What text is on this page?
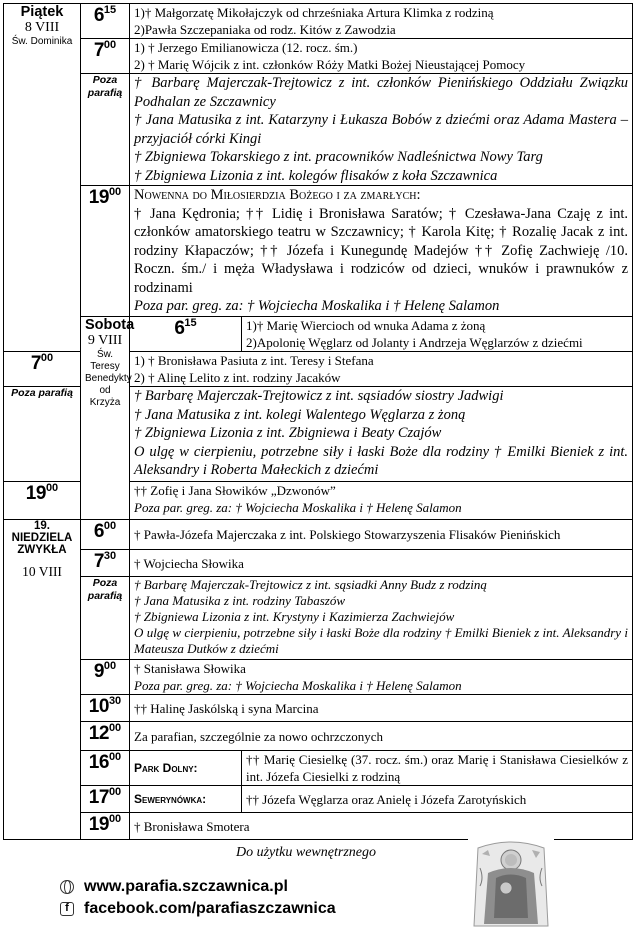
Piątek
8 VIII
Św. Dominika	$6^{15}$	1)† Małgorzatę Mikołajczyk od chrześniaka Artura Klimka z rodziną
2)Pawła Szczepaniaka od rodz. Kitów z Zawodzia	

	$7^{00}$	1) † Jerzego Emilianowicza (12. rocz. śm.)
2) † Marię Wójcik z int. członków Róży Matki Bożej Nieustającej Pomocy	

	Poza parafią	† Barbarę Majerczak-Trejtowicz z int. członków Pienińskiego Oddziału Związku Podhalan ze Szczawnicy
† Jana Matusika z int. Katarzyny i Łukasza Bobów z dziećmi oraz Adama Mastera – przyjaciół córki Kingi
† Zbigniewa Tokarskiego z int. pracowników Nadleśnictwa Nowy Targ
† Zbigniewa Lizonia z int. kolegów flisaków z koła Szczawnica	

	$19^{00}$	Nowenna do Miłosierdzia Bożego i za zmarłych:
† Jana Kędronia; †† Lidię i Bronisława Saratów; † Czesława-Jana Czaję z int. członków amatorskiego teatru w Szczawnicy; † Karola Kitę; † Rozalię Jacak z int. rodziny Kłapaczów; †† Józefa i Kunegundę Madejów †† Zofię Zachwieję /10. Roczn. śm./ i męża Władysława i rodziców od dzieci, wnuków i prawnuków z rodzinami
Poza par. greg. za: † Wojciecha Moskalika i † Helenę Salamon	

	Sobota
9 VIII
Św. Teresy Benedykty od Krzyża	$6^{15}$	1)† Marię Wiercioch od wnuka Adama z żoną
2)Apolonię Węglarz od Jolanty i Andrzeja Węglarzów z dziećmi

$7^{00}$		1) † Bronisława Pasiuta z int. Teresy i Stefana
2) † Alinę Lelito z int. rodziny Jacaków	

Poza parafią		† Barbarę Majerczak-Trejtowicz z int. sąsiadów siostry Jadwigi
† Jana Matusika z int. kolegi Walentego Węglarza z żoną
† Zbigniewa Lizonia z int. Zbigniewa i Beaty Czajów
O ulgę w cierpieniu, potrzebne siły i łaski Boże dla rodziny † Emilki Bieniek z int. Aleksandry i Roberta Małeckich z dziećmi	

$19^{00}$		†† Zofię i Jana Słowików „Dzwonów”
Poza par. greg. za: † Wojciecha Moskalika i † Helenę Salamon	

19.
NIEDZIELA ZWYKŁA
10 VIII	$6^{00}$	† Pawła-Józefa Majerczaka z int. Polskiego Stowarzyszenia Flisaków Pienińskich	
	$7^{30}$	† Wojciecha Słowika	

	Poza parafią	† Barbarę Majerczak-Trejtowicz z int. sąsiadki Anny Budz z rodziną
† Jana Matusika z int. rodziny Tabaszów
† Zbigniewa Lizonia z int. Krystyny i Kazimierza Zachwiejów
O ulgę w cierpieniu, potrzebne siły i łaski Boże dla rodziny † Emilki Bieniek z int. Aleksandry i Mateusza Dutków z dziećmi	

	$9^{00}$	† Stanisława Słowika
Poza par. greg. za: † Wojciecha Moskalika i † Helenę Salamon	

	$10^{30}$	†† Halinę Jaskólską i syna Marcina	
	$12^{00}$	Za parafian, szczególnie za nowo ochrzczonych	
	$16^{00}$	Park Dolny:	†† Marię Ciesielkę (37. rocz. śm.) oraz Marię i Stanisława Ciesielków z int. Józefa Ciesielki z rodziną
	$17^{00}$	Sewerynówka:	†† Józefa Węglarza oraz Anielę i Józefa Zarotyńskich
	$19^{00}$	† Bronisława Smotera	
Do użytku wewnętrznego
www.parafia.szczawnica.pl
f facebook.com/parafiaszczawnica
